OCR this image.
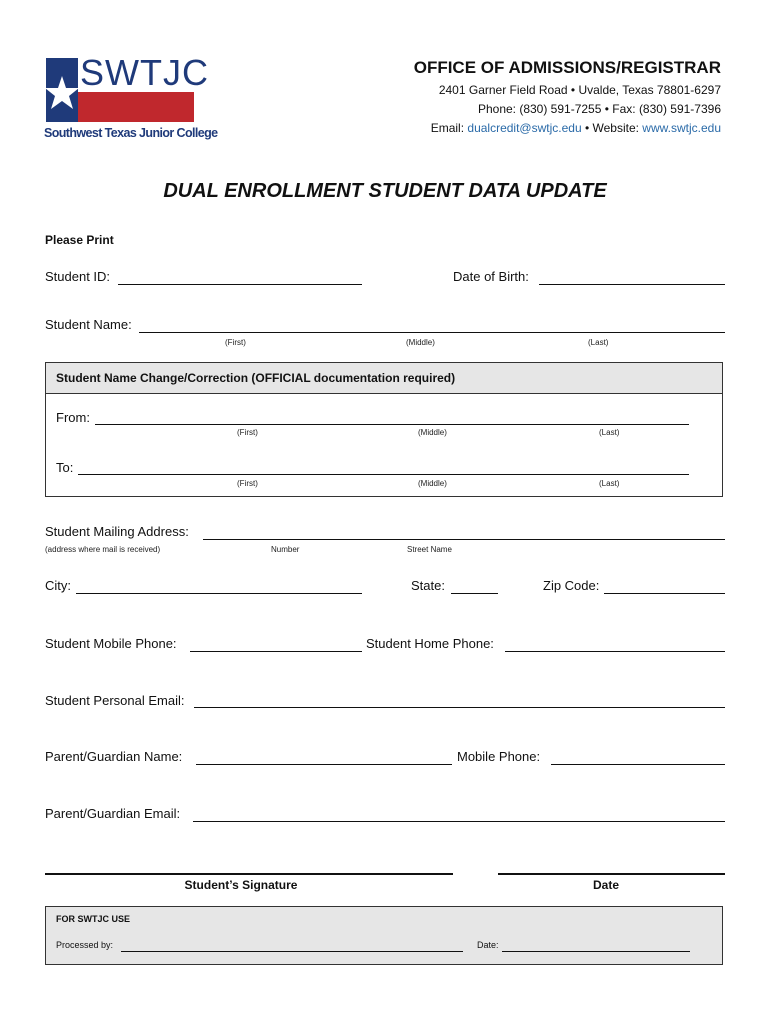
SWTJC
Southwest Texas Junior College
OFFICE OF ADMISSIONS/REGISTRAR
2401 Garner Field Road • Uvalde, Texas 78801-6297
Phone: (830) 591-7255 • Fax: (830) 591-7396
Email: dualcredit@swtjc.edu • Website: www.swtjc.edu
DUAL ENROLLMENT STUDENT DATA UPDATE
Please Print
Student ID:	Date of Birth:
Student Name:
(First)	(Middle)	(Last)
Student Name Change/Correction (OFFICIAL documentation required)
From:
(First)	(Middle)	(Last)
To:
(First)	(Middle)	(Last)
Student Mailing Address:
(address where mail is received)	Number	Street Name
City:	State:	Zip Code:
Student Mobile Phone:	Student Home Phone:
Student Personal Email:
Parent/Guardian Name:	Mobile Phone:
Parent/Guardian Email:
Student’s Signature	Date
FOR SWTJC USE
Processed by:	Date:
